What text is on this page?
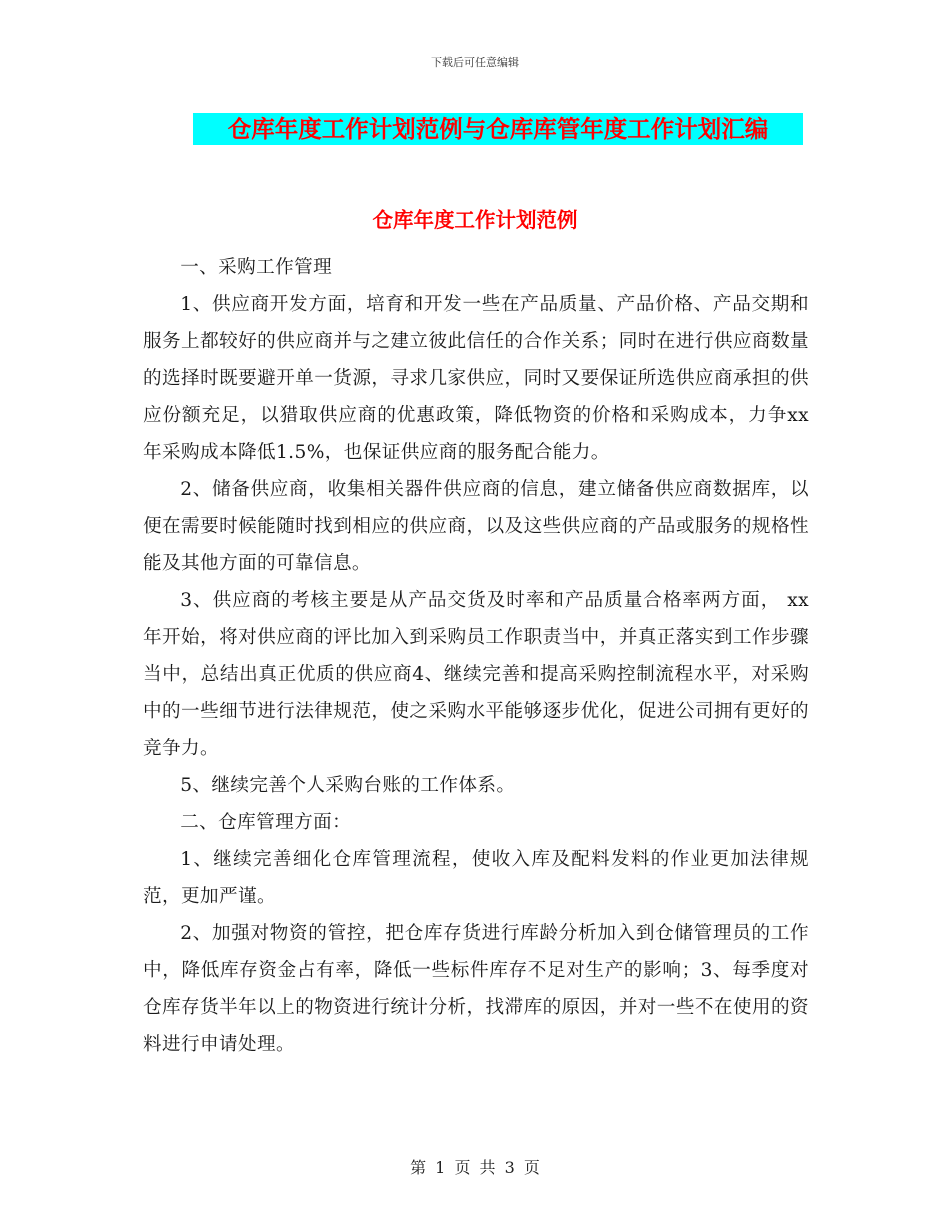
下载后可任意编辑
仓库年度工作计划范例与仓库库管年度工作计划汇编
仓库年度工作计划范例

一、采购工作管理

1、供应商开发方面，培育和开发一些在产品质量、产品价格、产品交期和服务上都较好的供应商并与之建立彼此信任的合作关系；同时在进行供应商数量的选择时既要避开单一货源，寻求几家供应，同时又要保证所选供应商承担的供应份额充足，以猎取供应商的优惠政策，降低物资的价格和采购成本，力争xx年采购成本降低1.5%，也保证供应商的服务配合能力。

2、储备供应商，收集相关器件供应商的信息，建立储备供应商数据库，以便在需要时候能随时找到相应的供应商，以及这些供应商的产品或服务的规格性能及其他方面的可靠信息。

3、供应商的考核主要是从产品交货及时率和产品质量合格率两方面， xx年开始，将对供应商的评比加入到采购员工作职责当中，并真正落实到工作步骤当中，总结出真正优质的供应商4、继续完善和提高采购控制流程水平，对采购中的一些细节进行法律规范，使之采购水平能够逐步优化，促进公司拥有更好的竞争力。

5、继续完善个人采购台账的工作体系。

二、仓库管理方面：

1、继续完善细化仓库管理流程，使收入库及配料发料的作业更加法律规范，更加严谨。

2、加强对物资的管控，把仓库存货进行库龄分析加入到仓储管理员的工作中，降低库存资金占有率，降低一些标件库存不足对生产的影响；3、每季度对仓库存货半年以上的物资进行统计分析，找滞库的原因，并对一些不在使用的资料进行申请处理。

第 1 页 共 3 页
